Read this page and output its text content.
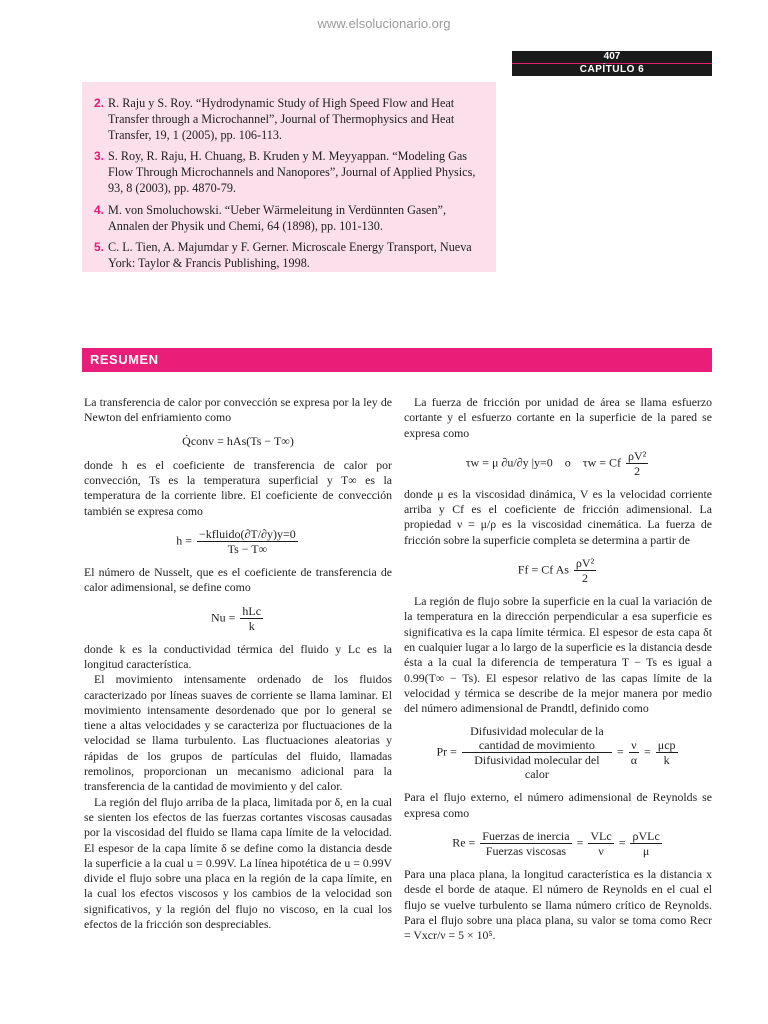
www.elsolucionario.org
407
CAPÍTULO 6
2. R. Raju y S. Roy. “Hydrodynamic Study of High Speed Flow and Heat Transfer through a Microchannel”, Journal of Thermophysics and Heat Transfer, 19, 1 (2005), pp. 106-113.
3. S. Roy, R. Raju, H. Chuang, B. Kruden y M. Meyyappan. “Modeling Gas Flow Through Microchannels and Nanopores”, Journal of Applied Physics, 93, 8 (2003), pp. 4870-79.
4. M. von Smoluchowski. “Ueber Wärmeleitung in Verdünnten Gasen”, Annalen der Physik und Chemi, 64 (1898), pp. 101-130.
5. C. L. Tien, A. Majumdar y F. Gerner. Microscale Energy Transport, Nueva York: Taylor & Francis Publishing, 1998.
RESUMEN

La transferencia de calor por convección se expresa por la ley de Newton del enfriamiento como

Q̇conv = hAs(Ts − T∞)

donde h es el coeficiente de transferencia de calor por convección, Ts es la temperatura superficial y T∞ es la temperatura de la corriente libre. El coeficiente de convección también se expresa como

$h = \frac{\text{−kfluido(∂T/∂y)y=0}}{Ts - T\infty}$

El número de Nusselt, que es el coeficiente de transferencia de calor adimensional, se define como

$Nu = \frac{\text{hLc}}{k}$

donde k es la conductividad térmica del fluido y Lc es la longitud característica.

El movimiento intensamente ordenado de los fluidos caracterizado por líneas suaves de corriente se llama laminar. El movimiento intensamente desordenado que por lo general se tiene a altas velocidades y se caracteriza por fluctuaciones de la velocidad se llama turbulento. Las fluctuaciones aleatorias y rápidas de los grupos de partículas del fluido, llamadas remolinos, proporcionan un mecanismo adicional para la transferencia de la cantidad de movimiento y del calor.

La región del flujo arriba de la placa, limitada por δ, en la cual se sienten los efectos de las fuerzas cortantes viscosas causadas por la viscosidad del fluido se llama capa límite de la velocidad. El espesor de la capa límite δ se define como la distancia desde la superficie a la cual u = 0.99V. La línea hipotética de u = 0.99V divide el flujo sobre una placa en la región de la capa límite, en la cual los efectos viscosos y los cambios de la velocidad son significativos, y la región del flujo no viscoso, en la cual los efectos de la fricción son despreciables.

La fuerza de fricción por unidad de área se llama esfuerzo cortante y el esfuerzo cortante en la superficie de la pared se expresa como

τw = μ ∂u/∂y |y=0 o τw = Cf $\frac{\text{ρV²}}{2}$

donde μ es la viscosidad dinámica, V es la velocidad corriente arriba y Cf es el coeficiente de fricción adimensional. La propiedad ν = μ/ρ es la viscosidad cinemática. La fuerza de fricción sobre la superficie completa se determina a partir de

Ff = Cf As $\frac{\text{ρV²}}{2}$

La región de flujo sobre la superficie en la cual la variación de la temperatura en la dirección perpendicular a esa superficie es significativa es la capa límite térmica. El espesor de esta capa δt en cualquier lugar a lo largo de la superficie es la distancia desde ésta a la cual la diferencia de temperatura T − Ts es igual a 0.99(T∞ − Ts). El espesor relativo de las capas límite de la velocidad y térmica se describe de la mejor manera por medio del número adimensional de Prandtl, definido como

$Pr = \frac{\text{Difusividad molecular de la cantidad de movimiento}}{\text{Difusividad molecular del calor}} = \frac{\nu}{\alpha} = \frac{\text{μcp}}{k}$

Para el flujo externo, el número adimensional de Reynolds se expresa como

$Re = \frac{\text{Fuerzas de inercia}}{\text{Fuerzas viscosas}} = \frac{\text{VLc}}{\nu} = \frac{\text{ρVLc}}{\mu}$

Para una placa plana, la longitud característica es la distancia x desde el borde de ataque. El número de Reynolds en el cual el flujo se vuelve turbulento se llama número crítico de Reynolds. Para el flujo sobre una placa plana, su valor se toma como Recr = Vxcr/ν = 5 × 10⁵.
